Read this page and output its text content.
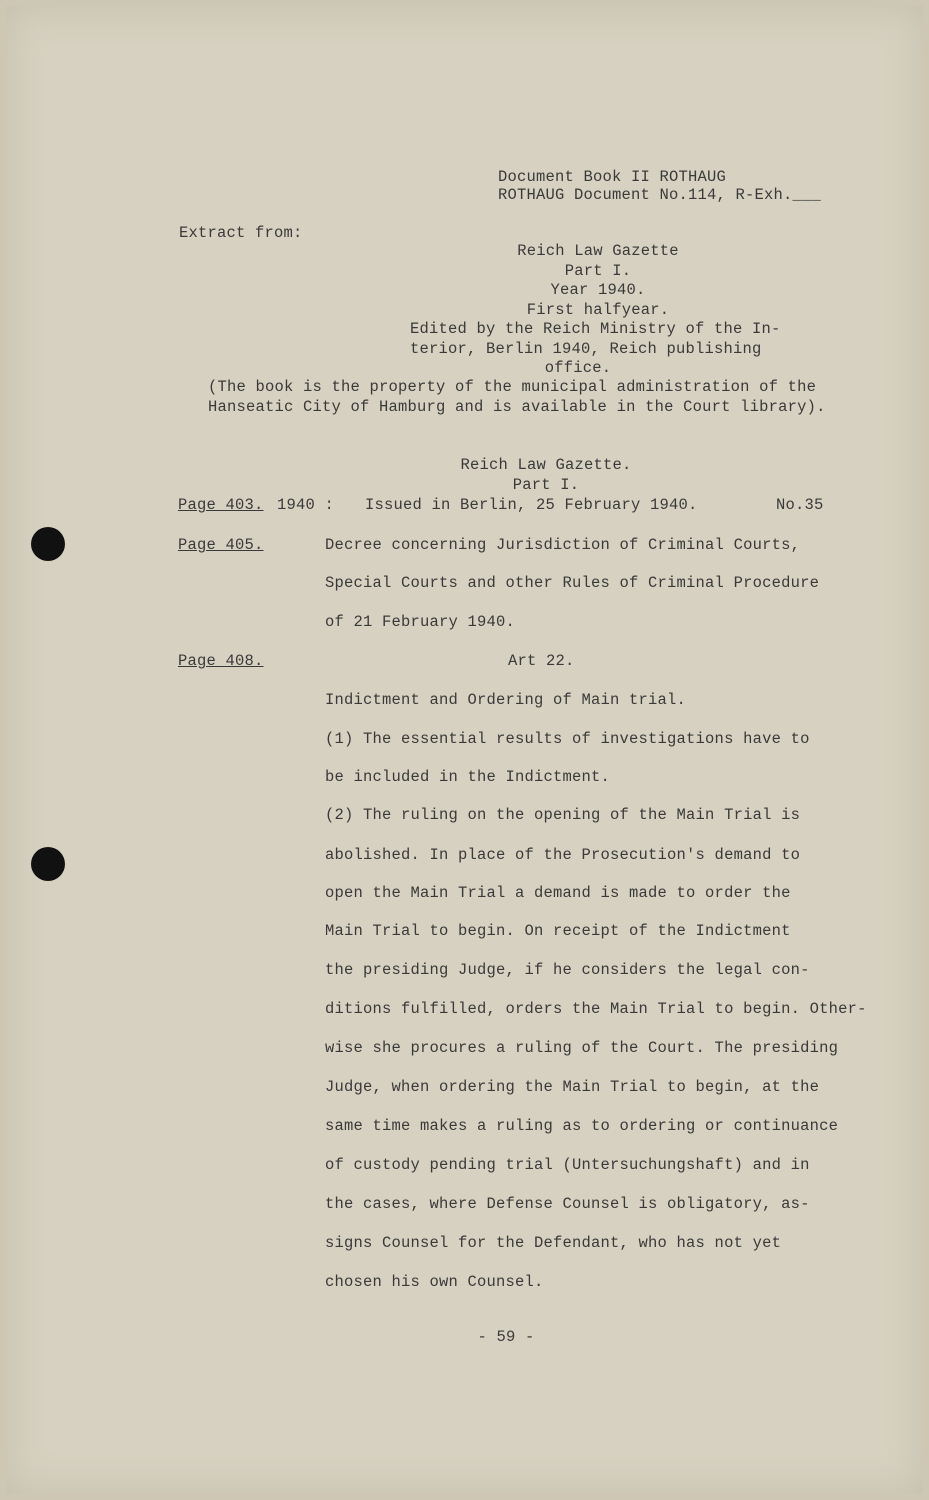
Document Book II ROTHAUG
ROTHAUG Document No.114, R-Exh.___
Extract from:
Reich Law Gazette
Part I.
Year 1940.
First halfyear.
Edited by the Reich Ministry of the In-
terior, Berlin 1940, Reich publishing
office.
(The book is the property of the municipal administration of the
Hanseatic City of Hamburg and is available in the Court library).
Reich Law Gazette.
Part I.
Page 403. 1940 : Issued in Berlin, 25 February 1940.	No.35
Page 405.	Decree concerning Jurisdiction of Criminal Courts,
Special Courts and other Rules of Criminal Procedure
of 21 February 1940.
Page 408.	Art 22.
Indictment and Ordering of Main trial.
(1) The essential results of investigations have to
be included in the Indictment.
(2) The ruling on the opening of the Main Trial is
abolished. In place of the Prosecution's demand to
open the Main Trial a demand is made to order the
Main Trial to begin. On receipt of the Indictment
the presiding Judge, if he considers the legal con-
ditions fulfilled, orders the Main Trial to begin. Other-
wise she procures a ruling of the Court. The presiding
Judge, when ordering the Main Trial to begin, at the
same time makes a ruling as to ordering or continuance
of custody pending trial (Untersuchungshaft) and in
the cases, where Defense Counsel is obligatory, as-
signs Counsel for the Defendant, who has not yet
chosen his own Counsel.
- 59 -
